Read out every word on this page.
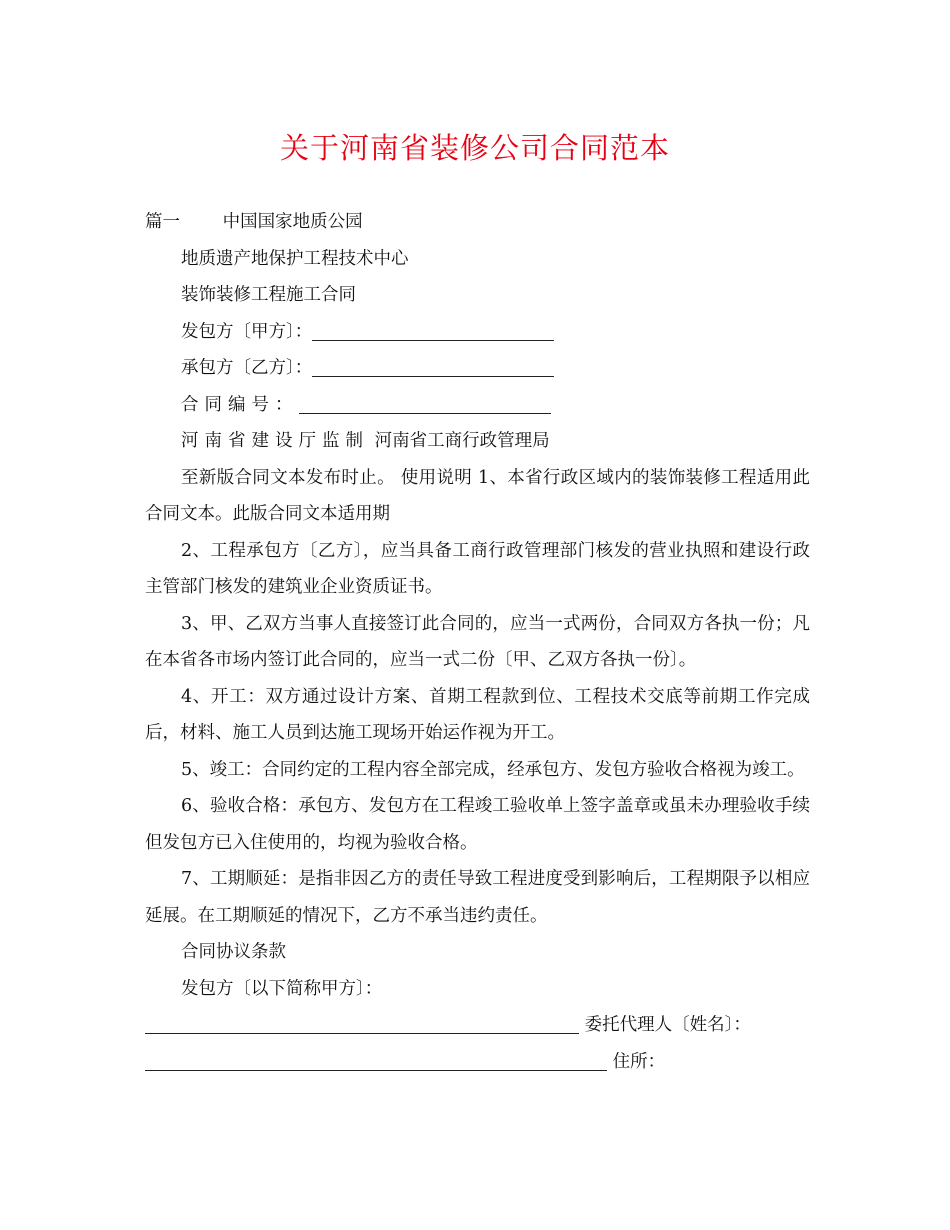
关于河南省装修公司合同范本
篇一 中国国家地质公园
地质遗产地保护工程技术中心
装饰装修工程施工合同
发包方〔甲方〕：
承包方〔乙方〕：
合同编号：
河南省建设厅监制 河南省工商行政管理局
至新版合同文本发布时止。 使用说明 1、本省行政区域内的装饰装修工程适用此合同文本。此版合同文本适用期
2、工程承包方〔乙方〕，应当具备工商行政管理部门核发的营业执照和建设行政主管部门核发的建筑业企业资质证书。
3、甲、乙双方当事人直接签订此合同的，应当一式两份，合同双方各执一份；凡在本省各市场内签订此合同的，应当一式二份〔甲、乙双方各执一份〕。
4、开工：双方通过设计方案、首期工程款到位、工程技术交底等前期工作完成后，材料、施工人员到达施工现场开始运作视为开工。
5、竣工：合同约定的工程内容全部完成，经承包方、发包方验收合格视为竣工。
6、验收合格：承包方、发包方在工程竣工验收单上签字盖章或虽未办理验收手续但发包方已入住使用的，均视为验收合格。
7、工期顺延：是指非因乙方的责任导致工程进度受到影响后，工程期限予以相应延展。在工期顺延的情况下，乙方不承当违约责任。
合同协议条款
发包方〔以下简称甲方〕：
委托代理人〔姓名〕：
住所：
